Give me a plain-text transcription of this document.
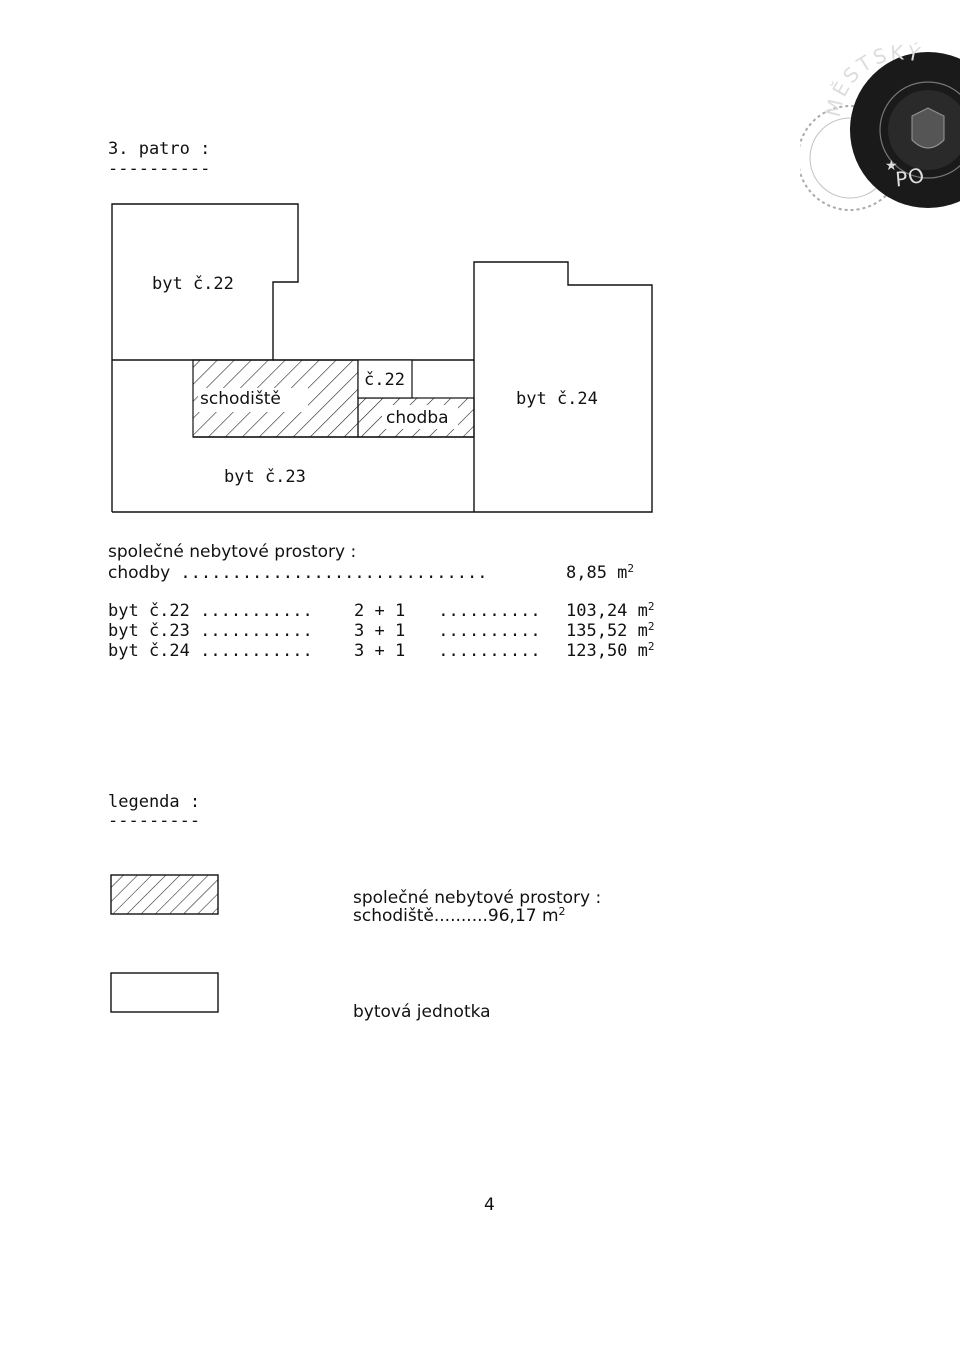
3. patro :
----------
byt č.22
schodiště
č.22
chodba
byt č.24
byt č.23
společné nebytové prostory :
chodby ..............................	8,85 $m^2$
byt č.22 ........... 2 + 1 .......... 103,24 $m^2$
byt č.23 ........... 3 + 1 .......... 135,52 $m^2$
byt č.24 ........... 3 + 1 .......... 123,50 $m^2$
legenda :
---------
společné nebytové prostory :
schodiště..........96,17 $m^2$
bytová jednotka
4
MĚSTSKÝ
PO
★
